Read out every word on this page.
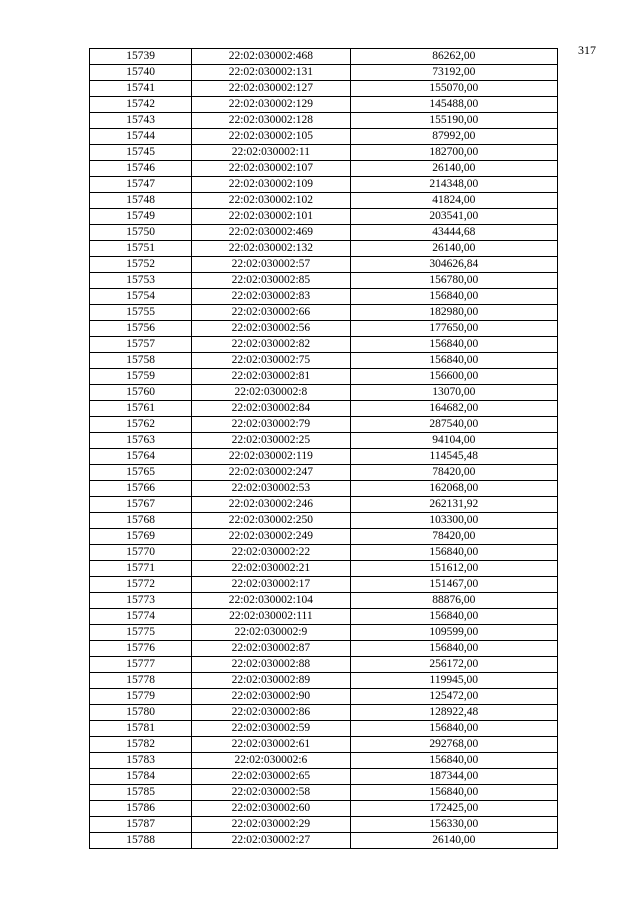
317
15739	22:02:030002:468	86262,00
15740	22:02:030002:131	73192,00
15741	22:02:030002:127	155070,00
15742	22:02:030002:129	145488,00
15743	22:02:030002:128	155190,00
15744	22:02:030002:105	87992,00
15745	22:02:030002:11	182700,00
15746	22:02:030002:107	26140,00
15747	22:02:030002:109	214348,00
15748	22:02:030002:102	41824,00
15749	22:02:030002:101	203541,00
15750	22:02:030002:469	43444,68
15751	22:02:030002:132	26140,00
15752	22:02:030002:57	304626,84
15753	22:02:030002:85	156780,00
15754	22:02:030002:83	156840,00
15755	22:02:030002:66	182980,00
15756	22:02:030002:56	177650,00
15757	22:02:030002:82	156840,00
15758	22:02:030002:75	156840,00
15759	22:02:030002:81	156600,00
15760	22:02:030002:8	13070,00
15761	22:02:030002:84	164682,00
15762	22:02:030002:79	287540,00
15763	22:02:030002:25	94104,00
15764	22:02:030002:119	114545,48
15765	22:02:030002:247	78420,00
15766	22:02:030002:53	162068,00
15767	22:02:030002:246	262131,92
15768	22:02:030002:250	103300,00
15769	22:02:030002:249	78420,00
15770	22:02:030002:22	156840,00
15771	22:02:030002:21	151612,00
15772	22:02:030002:17	151467,00
15773	22:02:030002:104	88876,00
15774	22:02:030002:111	156840,00
15775	22:02:030002:9	109599,00
15776	22:02:030002:87	156840,00
15777	22:02:030002:88	256172,00
15778	22:02:030002:89	119945,00
15779	22:02:030002:90	125472,00
15780	22:02:030002:86	128922,48
15781	22:02:030002:59	156840,00
15782	22:02:030002:61	292768,00
15783	22:02:030002:6	156840,00
15784	22:02:030002:65	187344,00
15785	22:02:030002:58	156840,00
15786	22:02:030002:60	172425,00
15787	22:02:030002:29	156330,00
15788	22:02:030002:27	26140,00
